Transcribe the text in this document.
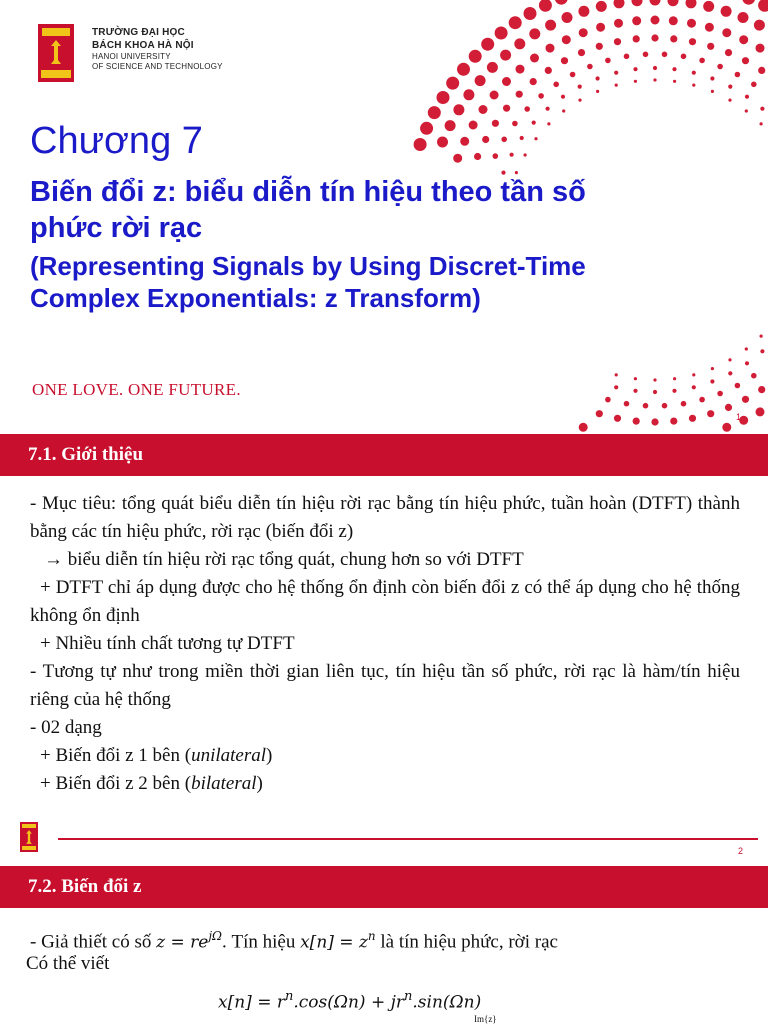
TRƯỜNG ĐẠI HỌC
BÁCH KHOA HÀ NỘI
HANOI UNIVERSITY
OF SCIENCE AND TECHNOLOGY
Chương 7
Biến đổi z: biểu diễn tín hiệu theo tần số phức rời rạc
(Representing Signals by Using Discret-Time Complex Exponentials: z Transform)
ONE LOVE. ONE FUTURE.
1
7.1. Giới thiệu

- Mục tiêu: tổng quát biểu diễn tín hiệu rời rạc bằng tín hiệu phức, tuần hoàn (DTFT) thành bằng các tín hiệu phức, rời rạc (biến đổi z)

→ biểu diễn tín hiệu rời rạc tổng quát, chung hơn so với DTFT

+ DTFT chỉ áp dụng được cho hệ thống ổn định còn biến đổi z có thể áp dụng cho hệ thống không ổn định

+ Nhiều tính chất tương tự DTFT

- Tương tự như trong miền thời gian liên tục, tín hiệu tần số phức, rời rạc là hàm/tín hiệu riêng của hệ thống

- 02 dạng

+ Biến đổi z 1 bên (unilateral)

+ Biến đổi z 2 bên (bilateral)

2
7.2. Biến đổi z
- Giả thiết có số $z = re^{j\Omega}$. Tín hiệu $x[n] = z^n$ là tín hiệu phức, rời rạc
Có thể viết
$x[n] = r^n.\cos(\Omega n) + jr^n.\sin(\Omega n)$
Im{z}
